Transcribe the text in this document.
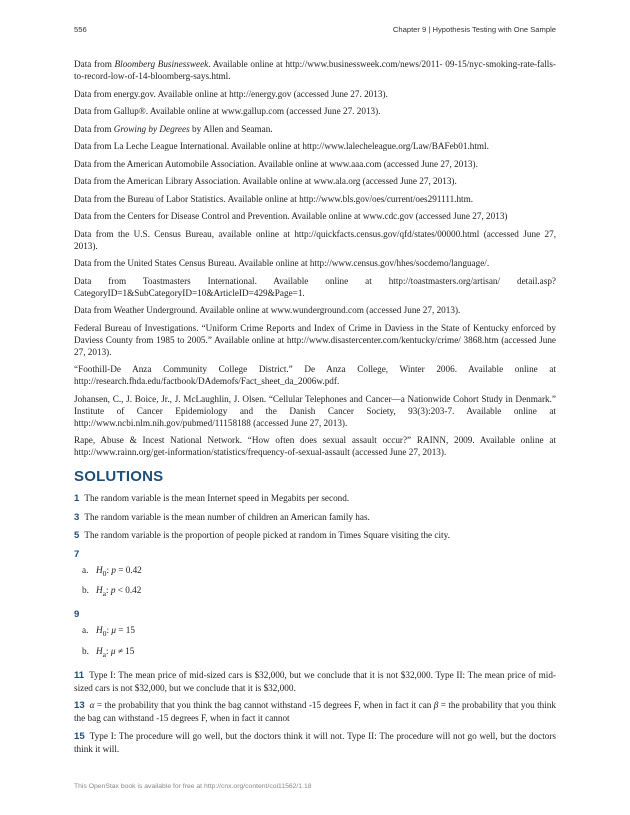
556	Chapter 9 | Hypothesis Testing with One Sample

Data from Bloomberg Businessweek. Available online at http://www.businessweek.com/news/2011- 09-15/nyc-smoking-rate-falls-to-record-low-of-14-bloomberg-says.html.

Data from energy.gov. Available online at http://energy.gov (accessed June 27. 2013).

Data from Gallup®. Available online at www.gallup.com (accessed June 27. 2013).

Data from Growing by Degrees by Allen and Seaman.

Data from La Leche League International. Available online at http://www.lalecheleague.org/Law/BAFeb01.html.

Data from the American Automobile Association. Available online at www.aaa.com (accessed June 27, 2013).

Data from the American Library Association. Available online at www.ala.org (accessed June 27, 2013).

Data from the Bureau of Labor Statistics. Available online at http://www.bls.gov/oes/current/oes291111.htm.

Data from the Centers for Disease Control and Prevention. Available online at www.cdc.gov (accessed June 27, 2013)

Data from the U.S. Census Bureau, available online at http://quickfacts.census.gov/qfd/states/00000.html (accessed June 27, 2013).

Data from the United States Census Bureau. Available online at http://www.census.gov/hhes/socdemo/language/.

Data from Toastmasters International. Available online at http://toastmasters.org/artisan/ detail.asp?CategoryID=1&SubCategoryID=10&ArticleID=429&Page=1.

Data from Weather Underground. Available online at www.wunderground.com (accessed June 27, 2013).

Federal Bureau of Investigations. “Uniform Crime Reports and Index of Crime in Daviess in the State of Kentucky enforced by Daviess County from 1985 to 2005.” Available online at http://www.disastercenter.com/kentucky/crime/ 3868.htm (accessed June 27, 2013).

“Foothill-De Anza Community College District.” De Anza College, Winter 2006. Available online at http://research.fhda.edu/factbook/DAdemofs/Fact_sheet_da_2006w.pdf.

Johansen, C., J. Boice, Jr., J. McLaughlin, J. Olsen. “Cellular Telephones and Cancer—a Nationwide Cohort Study in Denmark.” Institute of Cancer Epidemiology and the Danish Cancer Society, 93(3):203-7. Available online at http://www.ncbi.nlm.nih.gov/pubmed/11158188 (accessed June 27, 2013).

Rape, Abuse & Incest National Network. “How often does sexual assault occur?” RAINN, 2009. Available online at http://www.rainn.org/get-information/statistics/frequency-of-sexual-assault (accessed June 27, 2013).

SOLUTIONS

1 The random variable is the mean Internet speed in Megabits per second.

3 The random variable is the mean number of children an American family has.

5 The random variable is the proportion of people picked at random in Times Square visiting the city.

7

a. $H_0$: p = 0.42

b. $H_a$: p < 0.42

9

a. $H_0$: μ = 15

b. $H_a$: μ ≠ 15

11 Type I: The mean price of mid-sized cars is $32,000, but we conclude that it is not $32,000. Type II: The mean price of mid-sized cars is not $32,000, but we conclude that it is $32,000.

13 α = the probability that you think the bag cannot withstand -15 degrees F, when in fact it can β = the probability that you think the bag can withstand -15 degrees F, when in fact it cannot

15 Type I: The procedure will go well, but the doctors think it will not. Type II: The procedure will not go well, but the doctors think it will.

This OpenStax book is available for free at http://cnx.org/content/col11562/1.18
